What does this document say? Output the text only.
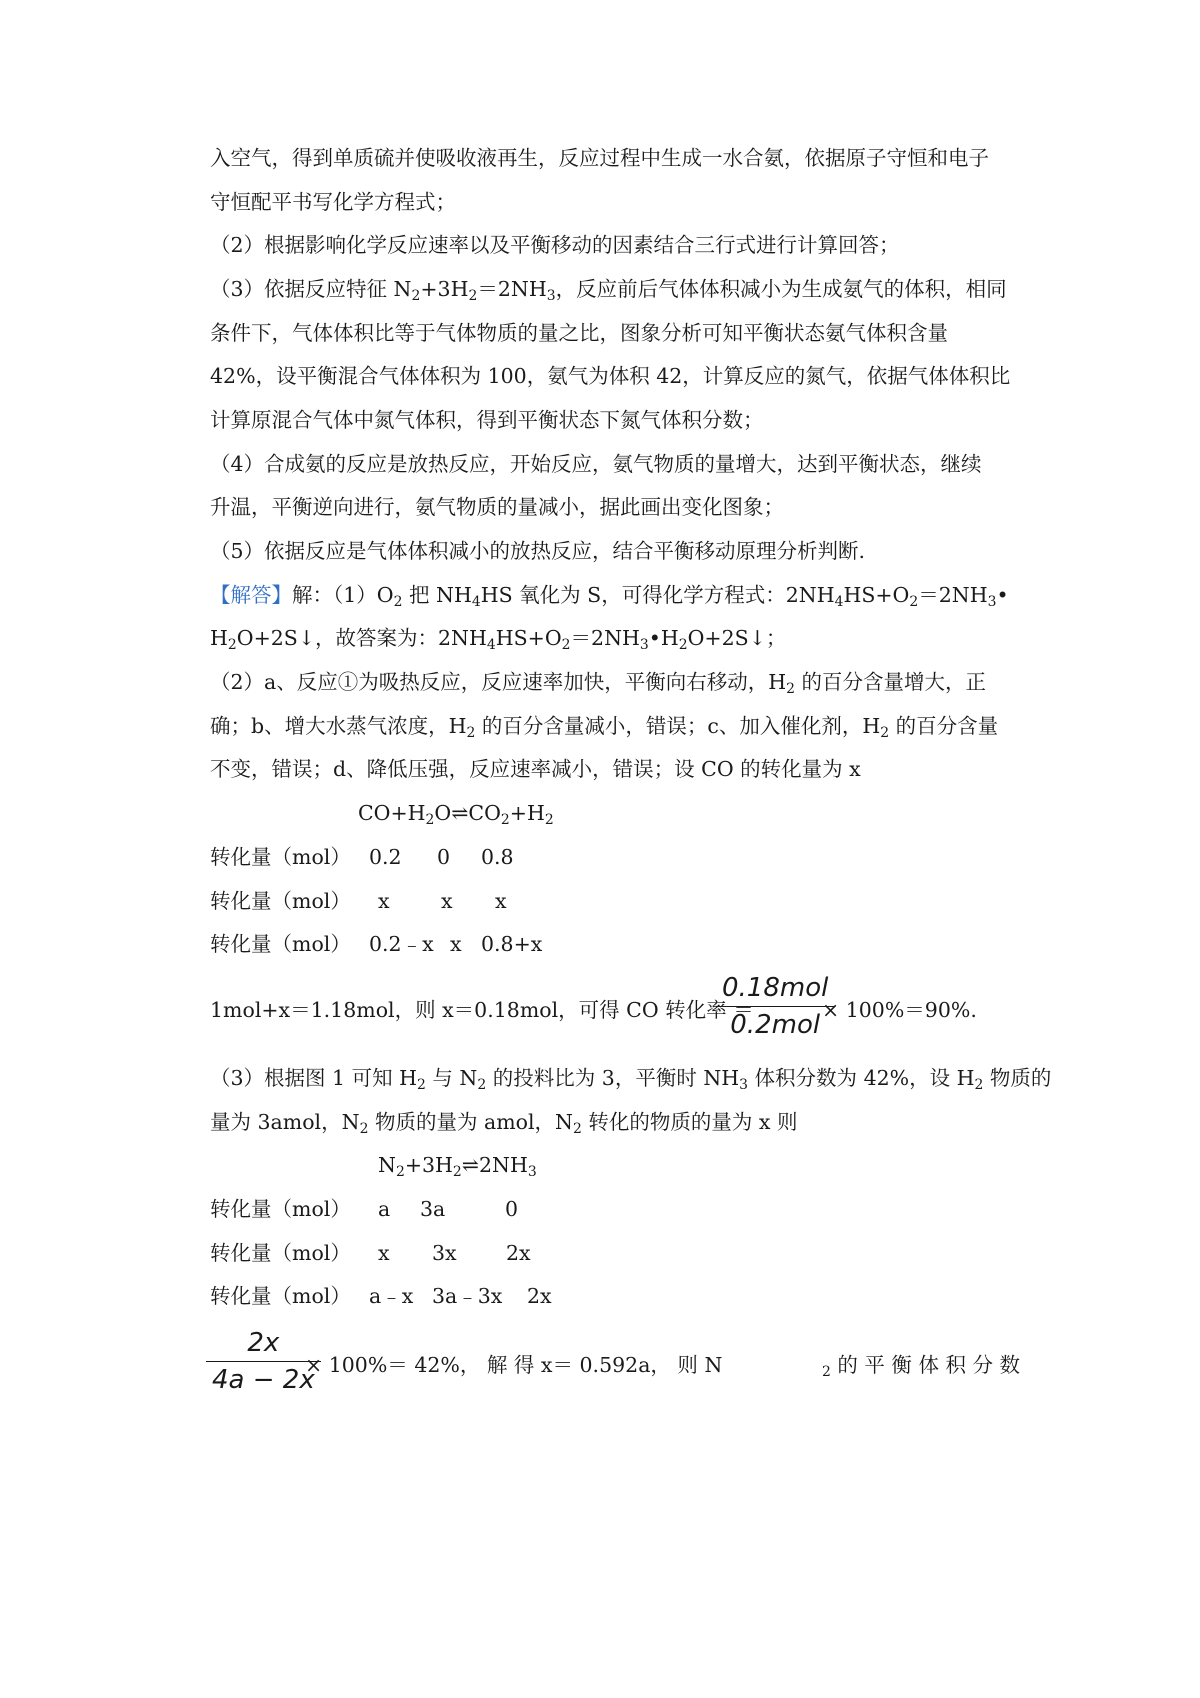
入空气，得到单质硫并使吸收液再生，反应过程中生成一水合氨，依据原子守恒和电子
守恒配平书写化学方程式；
（2）根据影响化学反应速率以及平衡移动的因素结合三行式进行计算回答；
（3）依据反应特征 N2+3H2＝2NH3，反应前后气体体积减小为生成氨气的体积，相同
条件下，气体体积比等于气体物质的量之比，图象分析可知平衡状态氨气体积含量
42%，设平衡混合气体体积为 100，氨气为体积 42，计算反应的氮气，依据气体体积比
计算原混合气体中氮气体积，得到平衡状态下氮气体积分数；
（4）合成氨的反应是放热反应，开始反应，氨气物质的量增大，达到平衡状态，继续
升温，平衡逆向进行，氨气物质的量减小，据此画出变化图象；
（5）依据反应是气体体积减小的放热反应，结合平衡移动原理分析判断.
【解答】解：（1）O2 把 NH4HS 氧化为 S，可得化学方程式：2NH4HS+O2＝2NH3•
H2O+2S↓，故答案为：2NH4HS+O2＝2NH3•H2O+2S↓；
（2）a、反应①为吸热反应，反应速率加快，平衡向右移动，H2 的百分含量增大，正
确；b、增大水蒸气浓度，H2 的百分含量减小，错误；c、加入催化剂，H2 的百分含量
不变，错误；d、降低压强，反应速率减小，错误；设 CO 的转化量为 x
CO+H2O⇌CO2+H2
转化量（mol） 0.2 0 0.8
转化量（mol） x	x x
转化量（mol） 0.2﹣x x 0.8+x
1mol+x＝1.18mol，则 x＝0.18mol，可得 CO 转化率 ＝
0.18mol
0.2mol × 100%＝90%.
（3）根据图 1 可知 H2 与 N2 的投料比为 3，平衡时 NH3 体积分数为 42%，设 H2 物质的
量为 3amol，N2 物质的量为 amol，N2 转化的物质的量为 x 则
N2+3H2⇌2NH3
转化量（mol） a 3a	0
转化量（mol） x 3x 2x
转化量（mol） a﹣x 3a﹣3x 2x
2x
4a − 2x
× 100%＝ 42%， 解 得 x＝ 0.592a， 则 N	2 的 平 衡 体 积 分 数
